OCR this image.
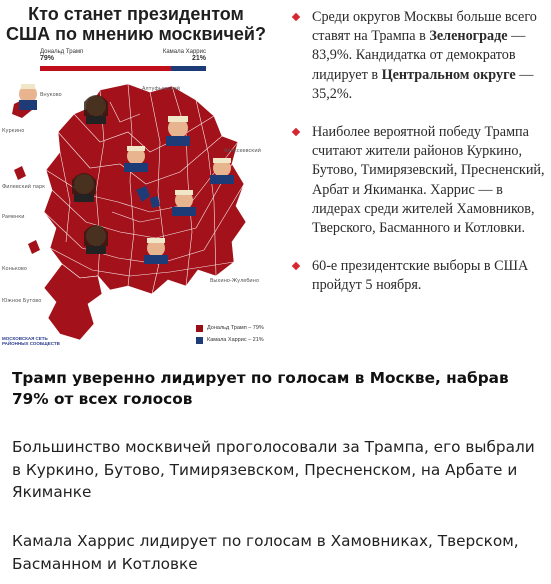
Кто станет президентом США по мнению москвичей?
Дональд Трамп
79%
Камала Харрис
21%
Внуково
Куркино
Филевский парк
Раменки
Коньково
Южное Бутово
Алтуфьевский
Алексеевский
Выхино-Жулебино
Дональд Трамп – 79%
Камала Харрис – 21%
МОСКОВСКАЯ СЕТЬ РАЙОННЫХ СООБЩЕСТВ
Среди округов Москвы больше всего ставят на Трампа в Зеленограде — 83,9%. Кандидатка от демократов лидирует в Центральном округе — 35,2%.
Наиболее вероятной победу Трампа считают жители районов Куркино, Бутово, Тимирязевский, Пресненский, Арбат и Якиманка. Харрис — в лидерах среди жителей Хамовников, Тверского, Басманного и Котловки.
60-е президентские выборы в США пройдут 5 ноября.
Трамп уверенно лидирует по голосам в Москве, набрав 79% от всех голосов
Большинство москвичей проголосовали за Трампа, его выбрали в Куркино, Бутово, Тимирязевском, Пресненском, на Арбате и Якиманке
Камала Харрис лидирует по голосам в Хамовниках, Тверском, Басманном и Котловке
